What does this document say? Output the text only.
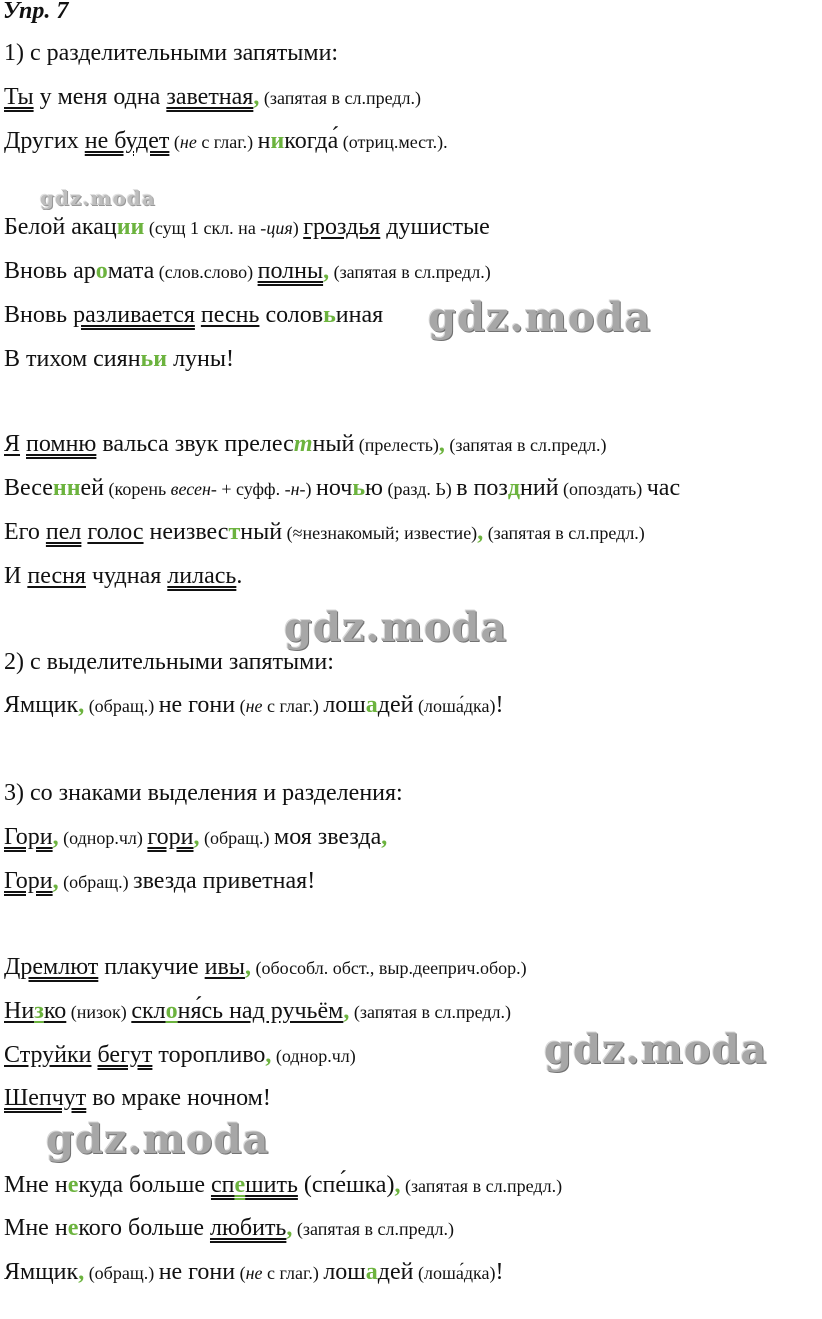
Упр. 7
1) с разделительными запятыми:
Ты у меня одна заветная, (запятая в сл.предл.)
Других не будет (не с глаг.) никогда́ (отриц.мест.).
gdz.moda
Белой акации (сущ 1 скл. на -ция) гроздья душистые
Вновь аромата (слов.слово) полны, (запятая в сл.предл.)
Вновь разливается песнь соловьиная gdz.moda
В тихом сияньи луны!
Я помню вальса звук прелестный (прелесть), (запятая в сл.предл.)
Весенней (корень весен- + суфф. -н-) ночью (разд. Ь) в поздний (опоздать) час
Его пел голос неизвестный (≈незнакомый; известие), (запятая в сл.предл.)
И песня чудная лилась.
gdz.moda
2) с выделительными запятыми:
Ямщик, (обращ.) не гони (не с глаг.) лошадей (лоша́дка)!
3) со знаками выделения и разделения:
Гори, (однор.чл) гори, (обращ.) моя звезда,
Гори, (обращ.) звезда приветная!
Дремлют плакучие ивы, (обособл. обст., выр.дееприч.обор.)
Низко (низок) склоня́сь над ручьём, (запятая в сл.предл.)
Струйки бегут торопливо, (однор.чл)	gdz.moda
Шепчут во мраке ночном!
gdz.moda
Мне некуда больше спешить (спе́шка), (запятая в сл.предл.)
Мне некого больше любить, (запятая в сл.предл.)
Ямщик, (обращ.) не гони (не с глаг.) лошадей (лоша́дка)!
